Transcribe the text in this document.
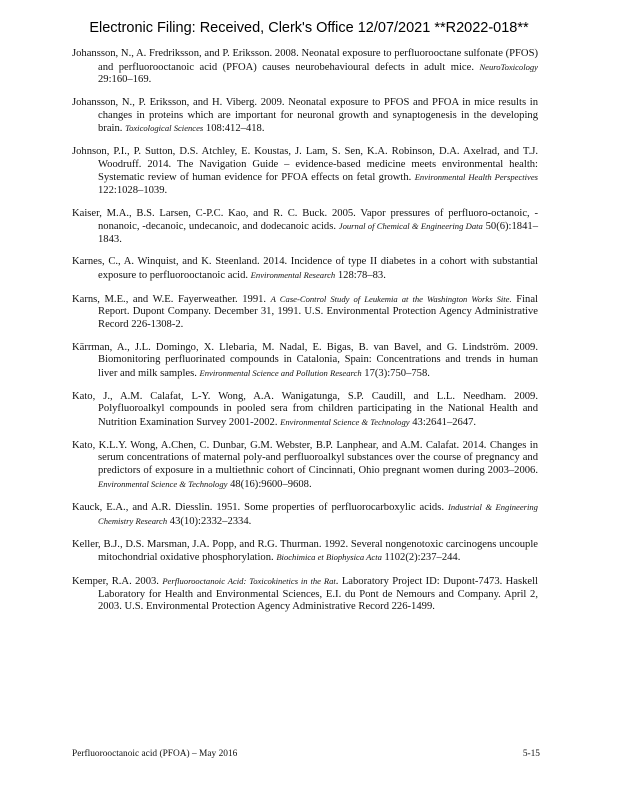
Electronic Filing: Received, Clerk's Office 12/07/2021 **R2022-018**

Johansson, N., A. Fredriksson, and P. Eriksson. 2008. Neonatal exposure to perfluorooctane sulfonate (PFOS) and perfluorooctanoic acid (PFOA) causes neurobehavioural defects in adult mice. NeuroToxicology 29:160–169.

Johansson, N., P. Eriksson, and H. Viberg. 2009. Neonatal exposure to PFOS and PFOA in mice results in changes in proteins which are important for neuronal growth and synaptogenesis in the developing brain. Toxicological Sciences 108:412–418.

Johnson, P.I., P. Sutton, D.S. Atchley, E. Koustas, J. Lam, S. Sen, K.A. Robinson, D.A. Axelrad, and T.J. Woodruff. 2014. The Navigation Guide – evidence-based medicine meets environmental health: Systematic review of human evidence for PFOA effects on fetal growth. Environmental Health Perspectives 122:1028–1039.

Kaiser, M.A., B.S. Larsen, C-P.C. Kao, and R. C. Buck. 2005. Vapor pressures of perfluoro-octanoic, -nonanoic, -decanoic, undecanoic, and dodecanoic acids. Journal of Chemical & Engineering Data 50(6):1841–1843.

Karnes, C., A. Winquist, and K. Steenland. 2014. Incidence of type II diabetes in a cohort with substantial exposure to perfluorooctanoic acid. Environmental Research 128:78–83.

Karns, M.E., and W.E. Fayerweather. 1991. A Case-Control Study of Leukemia at the Washington Works Site. Final Report. Dupont Company. December 31, 1991. U.S. Environmental Protection Agency Administrative Record 226-1308-2.

Kärrman, A., J.L. Domingo, X. Llebaria, M. Nadal, E. Bigas, B. van Bavel, and G. Lindström. 2009. Biomonitoring perfluorinated compounds in Catalonia, Spain: Concentrations and trends in human liver and milk samples. Environmental Science and Pollution Research 17(3):750–758.

Kato, J., A.M. Calafat, L-Y. Wong, A.A. Wanigatunga, S.P. Caudill, and L.L. Needham. 2009. Polyfluoroalkyl compounds in pooled sera from children participating in the National Health and Nutrition Examination Survey 2001-2002. Environmental Science & Technology 43:2641–2647.

Kato, K.L.Y. Wong, A.Chen, C. Dunbar, G.M. Webster, B.P. Lanphear, and A.M. Calafat. 2014. Changes in serum concentrations of maternal poly-and perfluoroalkyl substances over the course of pregnancy and predictors of exposure in a multiethnic cohort of Cincinnati, Ohio pregnant women during 2003–2006. Environmental Science & Technology 48(16):9600–9608.

Kauck, E.A., and A.R. Diesslin. 1951. Some properties of perfluorocarboxylic acids. Industrial & Engineering Chemistry Research 43(10):2332–2334.

Keller, B.J., D.S. Marsman, J.A. Popp, and R.G. Thurman. 1992. Several nongenotoxic carcinogens uncouple mitochondrial oxidative phosphorylation. Biochimica et Biophysica Acta 1102(2):237–244.

Kemper, R.A. 2003. Perfluorooctanoic Acid: Toxicokinetics in the Rat. Laboratory Project ID: Dupont-7473. Haskell Laboratory for Health and Environmental Sciences, E.I. du Pont de Nemours and Company. April 2, 2003. U.S. Environmental Protection Agency Administrative Record 226-1499.

Perfluorooctanoic acid (PFOA) – May 2016	5-15
